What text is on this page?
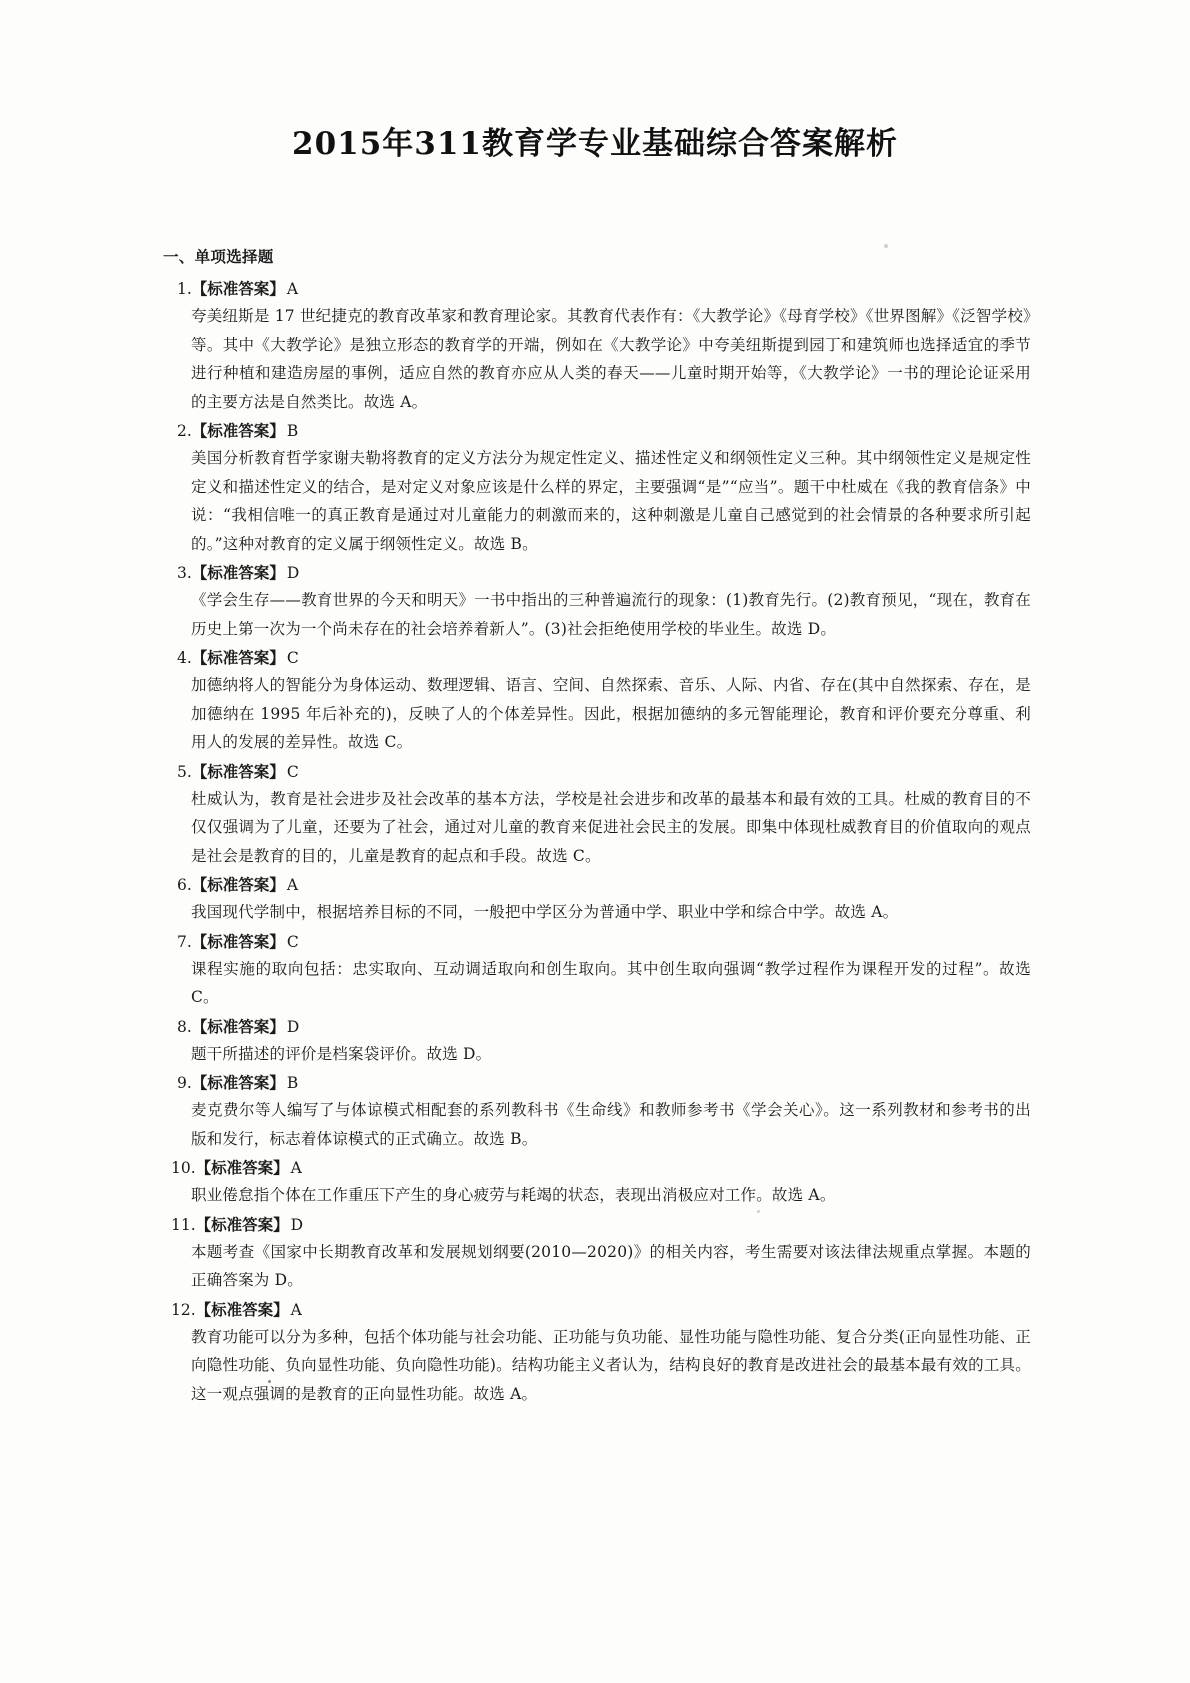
2015年311教育学专业基础综合答案解析
一、单项选择题
1.【标准答案】 A
夸美纽斯是 17 世纪捷克的教育改革家和教育理论家。其教育代表作有：《大教学论》《母育学校》《世界图解》《泛智学校》等。其中《大教学论》是独立形态的教育学的开端，例如在《大教学论》中夸美纽斯提到园丁和建筑师也选择适宜的季节进行种植和建造房屋的事例，适应自然的教育亦应从人类的春天——儿童时期开始等，《大教学论》一书的理论论证采用的主要方法是自然类比。故选 A。
2.【标准答案】 B
美国分析教育哲学家谢夫勒将教育的定义方法分为规定性定义、描述性定义和纲领性定义三种。其中纲领性定义是规定性定义和描述性定义的结合，是对定义对象应该是什么样的界定，主要强调“是”“应当”。题干中杜威在《我的教育信条》中说：“我相信唯一的真正教育是通过对儿童能力的刺激而来的，这种刺激是儿童自己感觉到的社会情景的各种要求所引起的。”这种对教育的定义属于纲领性定义。故选 B。
3.【标准答案】 D
《学会生存——教育世界的今天和明天》一书中指出的三种普遍流行的现象：(1)教育先行。(2)教育预见，“现在，教育在历史上第一次为一个尚未存在的社会培养着新人”。(3)社会拒绝使用学校的毕业生。故选 D。
4.【标准答案】 C
加德纳将人的智能分为身体运动、数理逻辑、语言、空间、自然探索、音乐、人际、内省、存在(其中自然探索、存在，是加德纳在 1995 年后补充的)，反映了人的个体差异性。因此，根据加德纳的多元智能理论，教育和评价要充分尊重、利用人的发展的差异性。故选 C。
5.【标准答案】 C
杜威认为，教育是社会进步及社会改革的基本方法，学校是社会进步和改革的最基本和最有效的工具。杜威的教育目的不仅仅强调为了儿童，还要为了社会，通过对儿童的教育来促进社会民主的发展。即集中体现杜威教育目的价值取向的观点是社会是教育的目的，儿童是教育的起点和手段。故选 C。
6.【标准答案】 A
我国现代学制中，根据培养目标的不同，一般把中学区分为普通中学、职业中学和综合中学。故选 A。
7.【标准答案】 C
课程实施的取向包括：忠实取向、互动调适取向和创生取向。其中创生取向强调“教学过程作为课程开发的过程”。故选 C。
8.【标准答案】 D
题干所描述的评价是档案袋评价。故选 D。
9.【标准答案】 B
麦克费尔等人编写了与体谅模式相配套的系列教科书《生命线》和教师参考书《学会关心》。这一系列教材和参考书的出版和发行，标志着体谅模式的正式确立。故选 B。
10.【标准答案】 A
职业倦怠指个体在工作重压下产生的身心疲劳与耗竭的状态，表现出消极应对工作。故选 A。
11.【标准答案】 D
本题考查《国家中长期教育改革和发展规划纲要(2010—2020)》的相关内容，考生需要对该法律法规重点掌握。本题的正确答案为 D。
12.【标准答案】 A
教育功能可以分为多种，包括个体功能与社会功能、正功能与负功能、显性功能与隐性功能、复合分类(正向显性功能、正向隐性功能、负向显性功能、负向隐性功能)。结构功能主义者认为，结构良好的教育是改进社会的最基本最有效的工具。这一观点强调的是教育的正向显性功能。故选 A。
